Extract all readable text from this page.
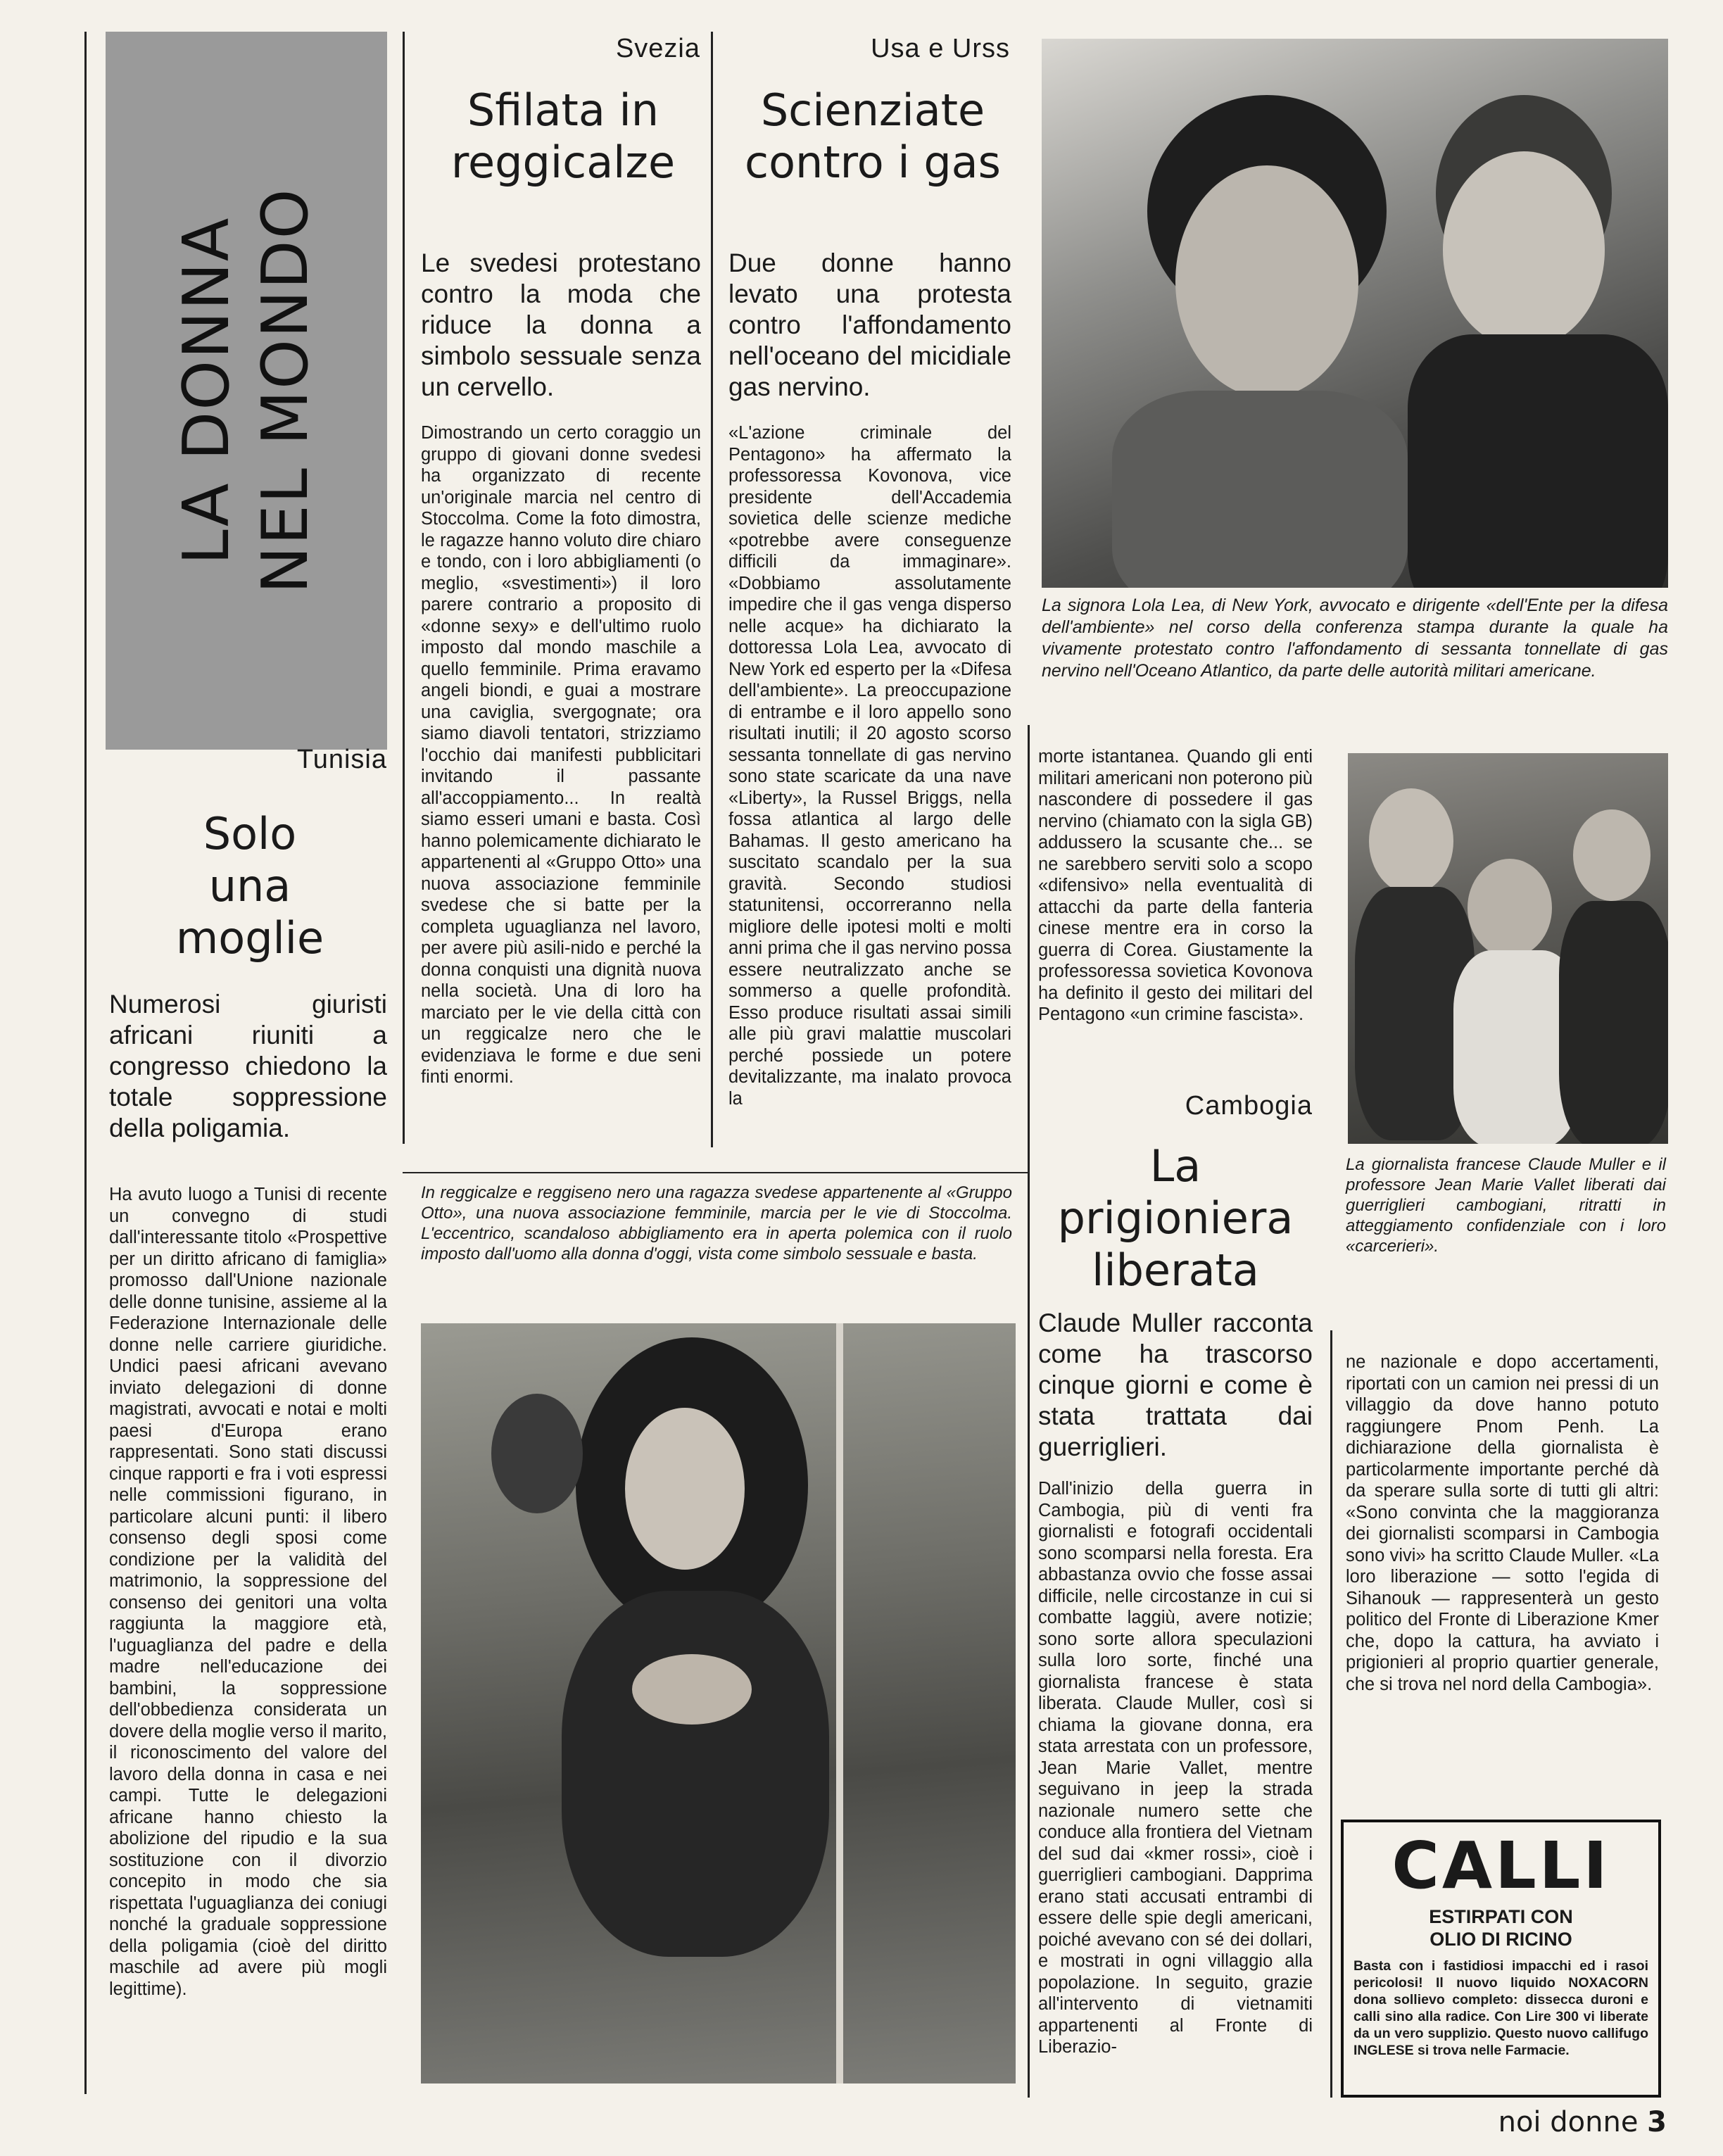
LA DONNA NEL MONDO
Tunisia
Solo una moglie
Numerosi giuristi africani riuniti a congresso chiedono la totale soppressione della poligamia.
Ha avuto luogo a Tunisi di recente un convegno di studi dall'interessante titolo «Prospettive per un diritto africano di famiglia» promosso dall'Unione nazionale delle donne tunisine, assieme al la Federazione Internazionale delle donne nelle carriere giuridiche. Undici paesi africani avevano inviato delegazioni di donne magistrati, avvocati e notai e molti paesi d'Europa erano rappresentati. Sono stati discussi cinque rapporti e fra i voti espressi nelle commissioni figurano, in particolare alcuni punti: il libero consenso degli sposi come condizione per la validità del matrimonio, la soppressione del consenso dei genitori una volta raggiunta la maggiore età, l'uguaglianza del padre e della madre nell'educazione dei bambini, la soppressione dell'obbedienza considerata un dovere della moglie verso il marito, il riconoscimento del valore del lavoro della donna in casa e nei campi. Tutte le delegazioni africane hanno chiesto la abolizione del ripudio e la sua sostituzione con il divorzio concepito in modo che sia rispettata l'uguaglianza dei coniugi nonché la graduale soppressione della poligamia (cioè del diritto maschile ad avere più mogli legittime).
Svezia
Sfilata in reggicalze
Le svedesi protestano contro la moda che riduce la donna a simbolo sessuale senza un cervello.
Dimostrando un certo coraggio un gruppo di giovani donne svedesi ha organizzato di recente un'originale marcia nel centro di Stoccolma. Come la foto dimostra, le ragazze hanno voluto dire chiaro e tondo, con i loro abbigliamenti (o meglio, «svestimenti») il loro parere contrario a proposito di «donne sexy» e dell'ultimo ruolo imposto dal mondo maschile a quello femminile. Prima eravamo angeli biondi, e guai a mostrare una caviglia, svergognate; ora siamo diavoli tentatori, strizziamo l'occhio dai manifesti pubblicitari invitando il passante all'accoppiamento... In realtà siamo esseri umani e basta. Così hanno polemicamente dichiarato le appartenenti al «Gruppo Otto» una nuova associazione femminile svedese che si batte per la completa uguaglianza nel lavoro, per avere più asili-nido e perché la donna conquisti una dignità nuova nella società. Una di loro ha marciato per le vie della città con un reggicalze nero che le evidenziava le forme e due seni finti enormi.
Usa e Urss
Scienziate contro i gas
Due donne hanno levato una protesta contro l'affondamento nell'oceano del micidiale gas nervino.
«L'azione criminale del Pentagono» ha affermato la professoressa Kovonova, vice presidente dell'Accademia sovietica delle scienze mediche «potrebbe avere conseguenze difficili da immaginare». «Dobbiamo assolutamente impedire che il gas venga disperso nelle acque» ha dichiarato la dottoressa Lola Lea, avvocato di New York ed esperto per la «Difesa dell'ambiente». La preoccupazione di entrambe e il loro appello sono risultati inutili; il 20 agosto scorso sessanta tonnellate di gas nervino sono state scaricate da una nave «Liberty», la Russel Briggs, nella fossa atlantica al largo delle Bahamas. Il gesto americano ha suscitato scandalo per la sua gravità. Secondo studiosi statunitensi, occorreranno nella migliore delle ipotesi molti e molti anni prima che il gas nervino possa essere neutralizzato anche se sommerso a quelle profondità. Esso produce risultati assai simili alle più gravi malattie muscolari perché possiede un potere devitalizzante, ma inalato provoca la
In reggicalze e reggiseno nero una ragazza svedese appartenente al «Gruppo Otto», una nuova associazione femminile, marcia per le vie di Stoccolma. L'eccentrico, scandaloso abbigliamento era in aperta polemica con il ruolo imposto dall'uomo alla donna d'oggi, vista come simbolo sessuale e basta.
La signora Lola Lea, di New York, avvocato e dirigente «dell'Ente per la difesa dell'ambiente» nel corso della conferenza stampa durante la quale ha vivamente protestato contro l'affondamento di sessanta tonnellate di gas nervino nell'Oceano Atlantico, da parte delle autorità militari americane.
morte istantanea. Quando gli enti militari americani non poterono più nascondere di possedere il gas nervino (chiamato con la sigla GB) addussero la scusante che... se ne sarebbero serviti solo a scopo «difensivo» nella eventualità di attacchi da parte della fanteria cinese mentre era in corso la guerra di Corea. Giustamente la professoressa sovietica Kovonova ha definito il gesto dei militari del Pentagono «un crimine fascista».
Cambogia
La prigioniera liberata
Claude Muller racconta come ha trascorso cinque giorni e come è stata trattata dai guerriglieri.
Dall'inizio della guerra in Cambogia, più di venti fra giornalisti e fotografi occidentali sono scomparsi nella foresta. Era abbastanza ovvio che fosse assai difficile, nelle circostanze in cui si combatte laggiù, avere notizie; sono sorte allora speculazioni sulla loro sorte, finché una giornalista francese è stata liberata. Claude Muller, così si chiama la giovane donna, era stata arrestata con un professore, Jean Marie Vallet, mentre seguivano in jeep la strada nazionale numero sette che conduce alla frontiera del Vietnam del sud dai «kmer rossi», cioè i guerriglieri cambogiani. Dapprima erano stati accusati entrambi di essere delle spie degli americani, poiché avevano con sé dei dollari, e mostrati in ogni villaggio alla popolazione. In seguito, grazie all'intervento di vietnamiti appartenenti al Fronte di Liberazio-
La giornalista francese Claude Muller e il professore Jean Marie Vallet liberati dai guerriglieri cambogiani, ritratti in atteggiamento confidenziale con i loro «carcerieri».
ne nazionale e dopo accertamenti, riportati con un camion nei pressi di un villaggio da dove hanno potuto raggiungere Pnom Penh. La dichiarazione della giornalista è particolarmente importante perché dà da sperare sulla sorte di tutti gli altri: «Sono convinta che la maggioranza dei giornalisti scomparsi in Cambogia sono vivi» ha scritto Claude Muller. «La loro liberazione — sotto l'egida di Sihanouk — rappresenterà un gesto politico del Fronte di Liberazione Kmer che, dopo la cattura, ha avviato i prigionieri al proprio quartier generale, che si trova nel nord della Cambogia».
CALLI
ESTIRPATI CON
OLIO DI RICINO
Basta con i fastidiosi impacchi ed i rasoi pericolosi! Il nuovo liquido NOXACORN dona sollievo completo: dissecca duroni e calli sino alla radice. Con Lire 300 vi liberate da un vero supplizio. Questo nuovo callifugo INGLESE si trova nelle Farmacie.
noi donne 3
